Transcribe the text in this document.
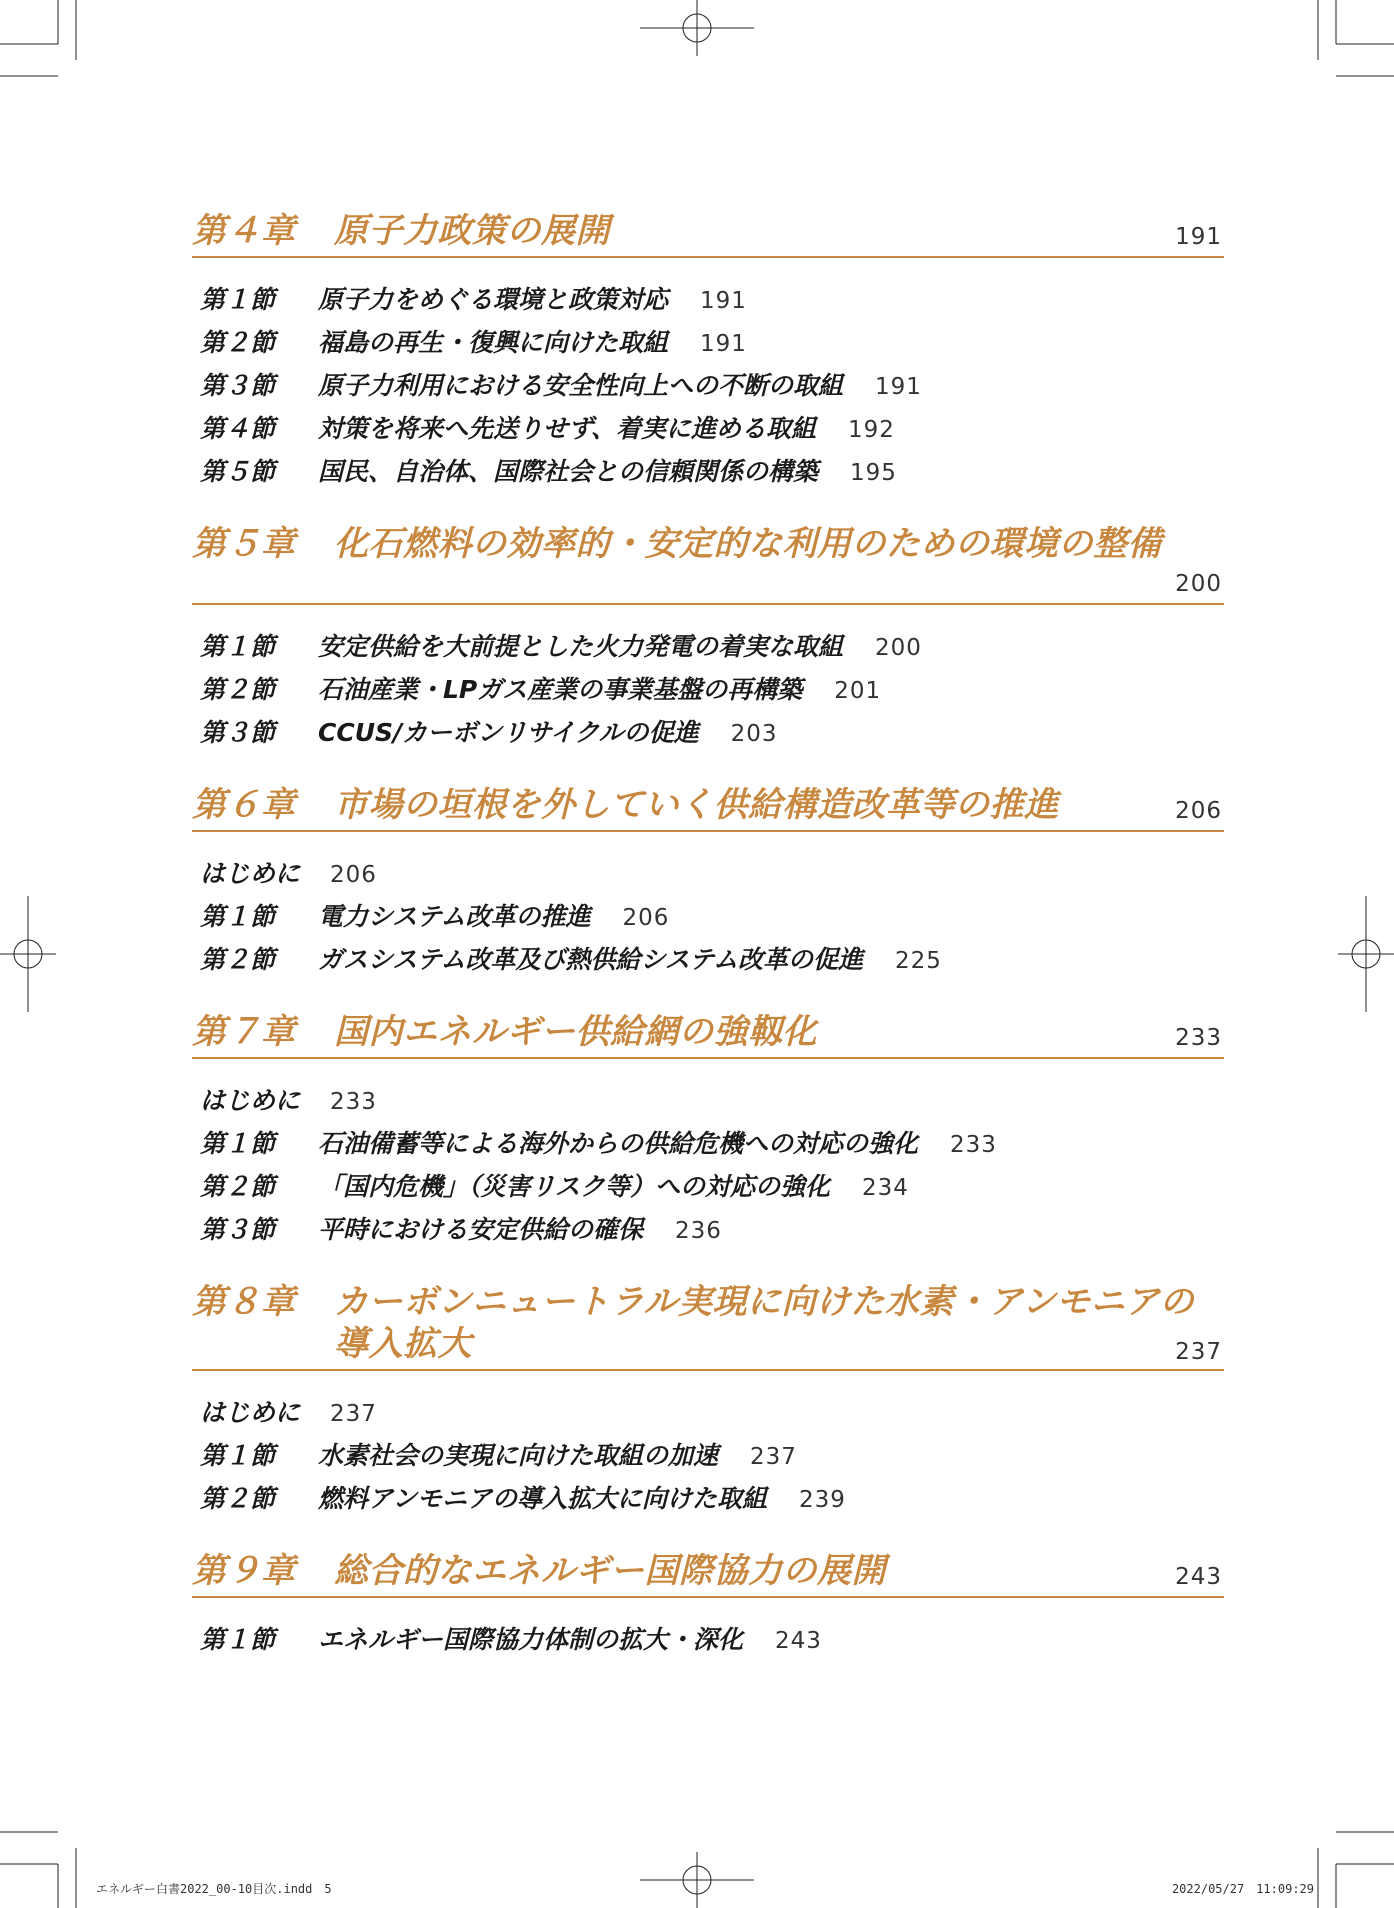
第４章	原子力政策の展開	191
第１節	原子力をめぐる環境と政策対応 191
第２節	福島の再生・復興に向けた取組 191
第３節	原子力利用における安全性向上への不断の取組 191
第４節	対策を将来へ先送りせず、着実に進める取組 192
第５節	国民、自治体、国際社会との信頼関係の構築 195
第５章	化石燃料の効率的・安定的な利用のための環境の整備
200
第１節	安定供給を大前提とした火力発電の着実な取組 200
第２節	石油産業・LPガス産業の事業基盤の再構築 201
第３節	CCUS/カーボンリサイクルの促進 203
第６章	市場の垣根を外していく供給構造改革等の推進	206
はじめに 206
第１節	電力システム改革の推進 206
第２節	ガスシステム改革及び熱供給システム改革の促進 225
第７章	国内エネルギー供給網の強靱化	233
はじめに 233
第１節	石油備蓄等による海外からの供給危機への対応の強化 233
第２節	「国内危機」（災害リスク等）への対応の強化 234
第３節	平時における安定供給の確保 236
第８章	カーボンニュートラル実現に向けた水素・アンモニアの導入拡大	237
はじめに 237
第１節	水素社会の実現に向けた取組の加速 237
第２節	燃料アンモニアの導入拡大に向けた取組 239
第９章	総合的なエネルギー国際協力の展開	243
第１節	エネルギー国際協力体制の拡大・深化 243
エネルギー白書2022_00-10目次.indd　5	2022/05/27　11:09:29
